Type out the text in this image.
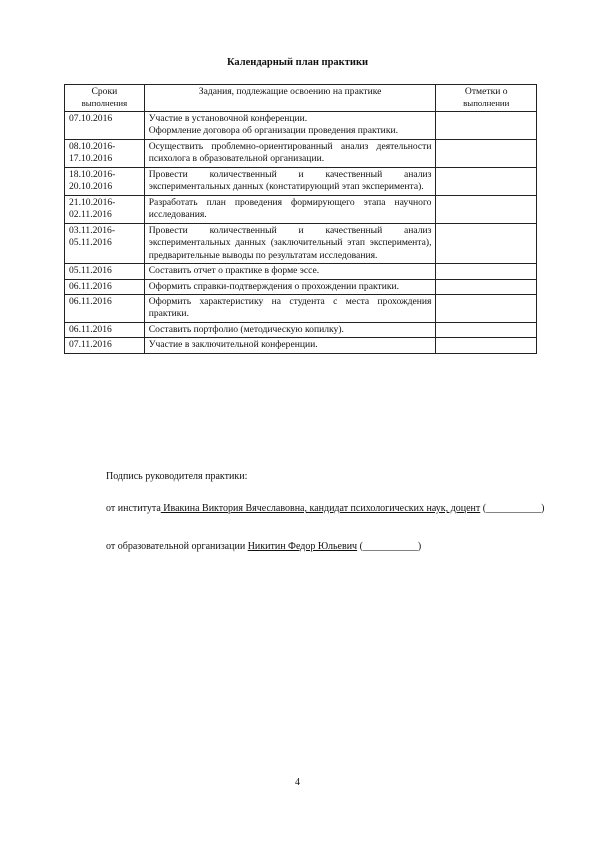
Календарный план практики
Сроки
выполнения	Задания, подлежащие освоению на практике	Отметки о
выполнении

07.10.2016	Участие в установочной конференции.
Оформление договора об организации проведения практики.	

08.10.2016-
17.10.2016	Осуществить проблемно-ориентированный анализ деятельности психолога в образовательной организации.	

18.10.2016-
20.10.2016	Провести количественный и качественный анализ экспериментальных данных (констатирующий этап эксперимента).	

21.10.2016-
02.11.2016	Разработать план проведения формирующего этапа научного исследования.	

03.11.2016-
05.11.2016	Провести количественный и качественный анализ экспериментальных данных (заключительный этап эксперимента), предварительные выводы по результатам исследования.	

05.11.2016	Составить отчет о практике в форме эссе.	

06.11.2016	Оформить справки-подтверждения о прохождении практики.	

06.11.2016	Оформить характеристику на студента с места прохождения практики.	

06.11.2016	Составить портфолио (методическую копилку).	

07.11.2016	Участие в заключительной конференции.	

Подпись руководителя практики:
от института Ивакина Виктория Вячеславовна, кандидат психологических наук, доцент (___________)
от образовательной организации Никитин Федор Юльевич (___________)
4
